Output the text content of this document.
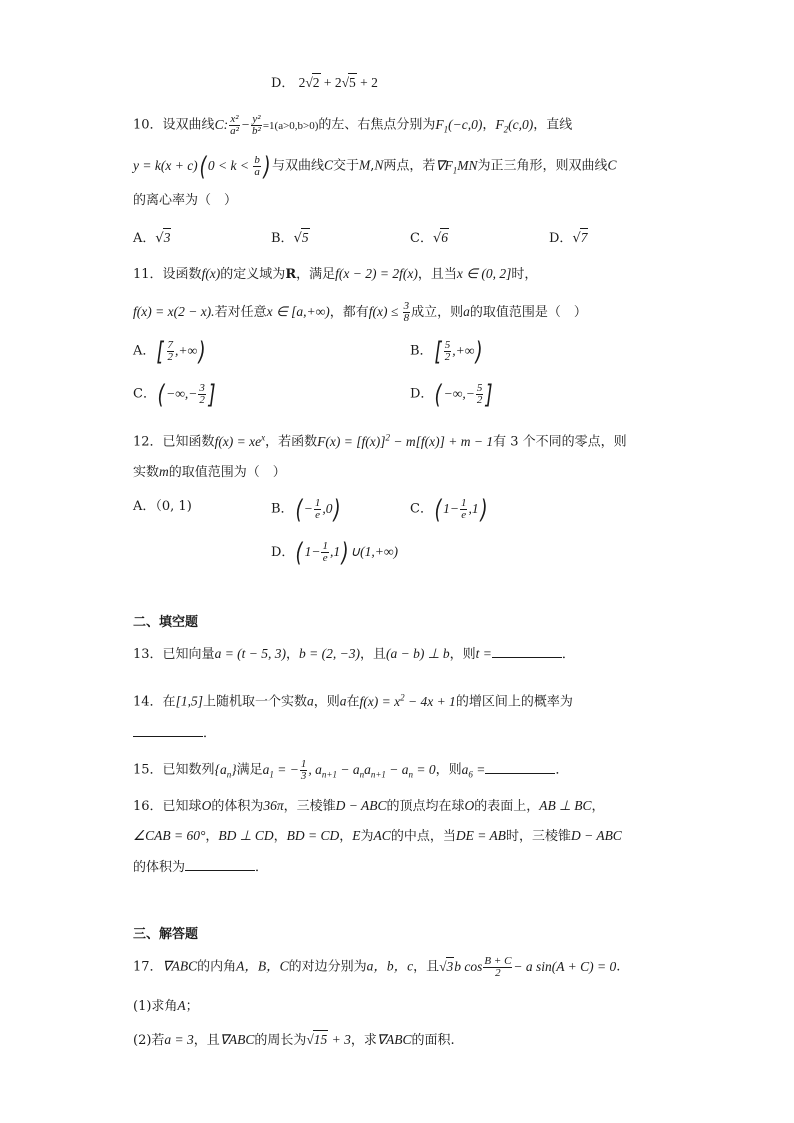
D． 2√2 + 2√5 + 2
10．设双曲线C: $\frac{\text{x²}}{\text{a²}} - \frac{\text{y²}}{\text{b²}} =1(a>0,b>0)$的左、右焦点分别为$F_1(-c,0)$，$F_2(c,0)$，直线
y = k(x + c)( $0 < k < \frac{b}{a}$ ) 与双曲线C交于M,N两点，若$\nabla F_1MN$为正三角形，则双曲线C
的离心率为（　）
A．√3	B．√5	C．√6	D．√7
11．设函数f(x)的定义域为R，满足f(x − 2) = 2f(x)，且当x ∈ (0, 2]时，
f(x) = x(2 − x).若对任意x ∈ [a,+∞)，都有$f(x) \le \frac{3}{8}$ 成立，则a的取值范围是（　）
A．[ $\frac{7}{2}$ ,+∞)	B．[ $\frac{5}{2}$ ,+∞)
C．( −∞,− $\frac{3}{2}$ ]	D．( −∞,− $\frac{5}{2}$ ]
12．已知函数$f(x) = xe^x$，若函数$F(x) = [f(x)]^2 - m[f(x)] + m - 1$有 3 个不同的零点，则
实数m的取值范围为（　）
A．（0, 1)	B．( − $\frac{1}{e} ,0$)	C．( $1- \frac{1}{e} ,1$)
D．( $1- \frac{1}{e} ,1$) ∪(1,+∞)
二、填空题
13．已知向量a = (t − 5, 3)，b = (2, −3)，且(a − b) ⊥ b，则t =	．
14．在[1,5]上随机取一个实数a，则a在$f(x) = x^2 - 4x + 1$的增区间上的概率为
．
15．已知数列$\{a_n\}$满足$a_1$ = − $\frac{1}{3}$ , $a_{n+1} - a_na_{n+1} - a_n = 0$，则$a_6$ =	．
16．已知球O的体积为36π，三棱锥D − ABC的顶点均在球O的表面上，AB ⊥ BC，
∠CAB = 60°，BD ⊥ CD，BD = CD，E为AC的中点，当DE = AB时，三棱锥D − ABC
的体积为	．
三、解答题
17．∇ABC的内角A，B，C的对边分别为a，b，c，且√3b $\cos \frac{B + C}{2} - a$ sin(A + C) = 0.
(1)求角A；
(2)若a = 3，且∇ABC的周长为√15 + 3，求∇ABC的面积.
